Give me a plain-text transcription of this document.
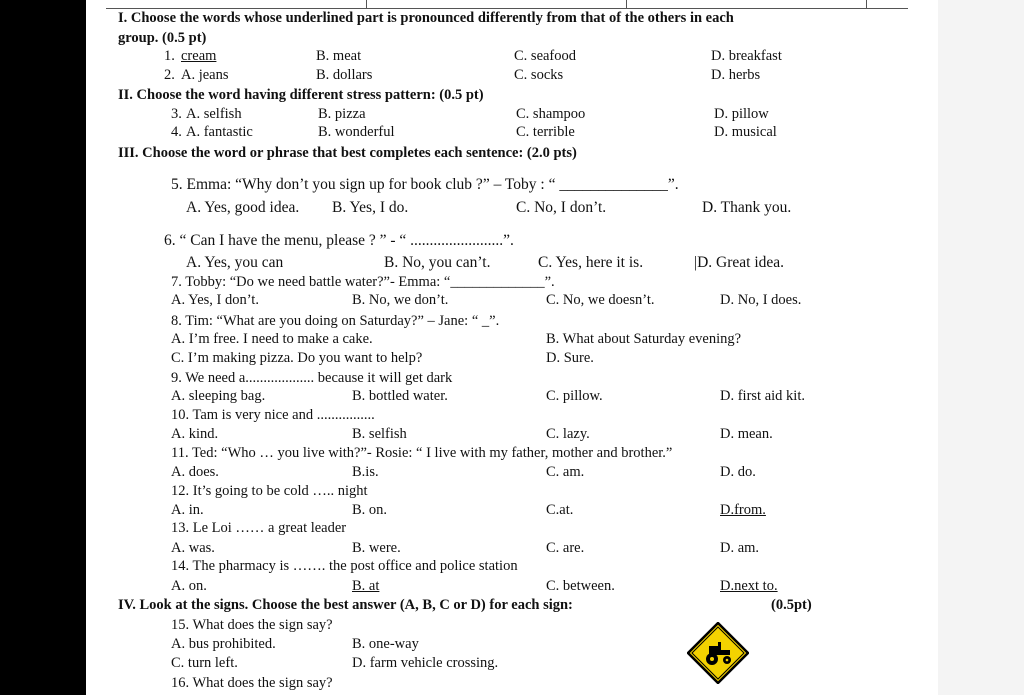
I. Choose the words whose underlined part is pronounced differently from that of the others in each
group. (0.5 pt)
1. cream	B. meat	C. seafood	D. breakfast
2. A. jeans	B. dollars	C. socks	D. herbs
II. Choose the word having different stress pattern: (0.5 pt)
3. A. selfish	B. pizza	C. shampoo	D. pillow
4. A. fantastic	B. wonderful	C. terrible	D. musical
III. Choose the word or phrase that best completes each sentence: (2.0 pts)
5. Emma: “Why don’t you sign up for book club ?” – Toby : “ ______________”.
A. Yes, good idea. B. Yes, I do.	C. No, I don’t.	D. Thank you.
6. “ Can I have the menu, please ? ” - “ ........................”.
A. Yes, you can	B. No, you can’t.	C. Yes, here it is.	|D. Great idea.
7. Tobby: “Do we need battle water?”- Emma: “_____________”.
A. Yes, I don’t.	B. No, we don’t.	C. No, we doesn’t.	D. No, I does.
8. Tim: “What are you doing on Saturday?” – Jane: “ _”.
A. I’m free. I need to make a cake.	B. What about Saturday evening?
C. I’m making pizza. Do you want to help?	D. Sure.
9. We need a................... because it will get dark
A. sleeping bag.	B. bottled water.	C. pillow.	D. first aid kit.
10. Tam is very nice and ................
A. kind.	B. selfish	C. lazy.	D. mean.
11. Ted: “Who … you live with?”- Rosie: “ I live with my father, mother and brother.”
A. does.	B.is.	C. am.	D. do.
12. It’s going to be cold ….. night
A. in.	B. on.	C.at.	D.from.
13. Le Loi …… a great leader
A. was.	B. were.	C. are.	D. am.
14. The pharmacy is ……. the post office and police station
A. on.	B. at	C. between.	D.next to.
IV. Look at the signs. Choose the best answer (A, B, C or D) for each sign:	(0.5pt)
15. What does the sign say?
A. bus prohibited.	B. one-way
C. turn left.	D. farm vehicle crossing.
16. What does the sign say?
